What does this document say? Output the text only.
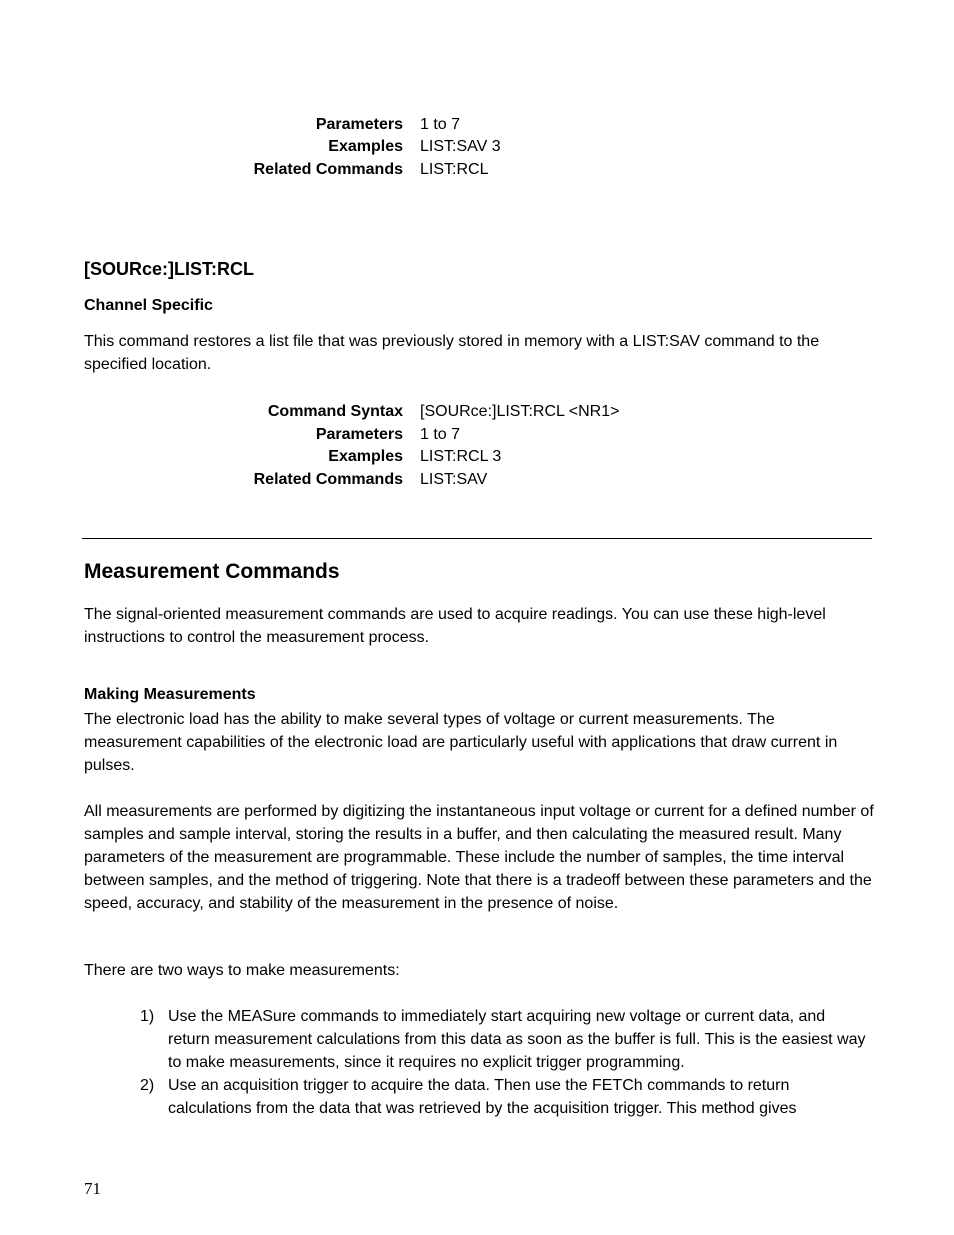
Parameters 1 to 7
Examples LIST:SAV 3
Related Commands LIST:RCL
[SOURce:]LIST:RCL
Channel Specific
This command restores a list file that was previously stored in memory with a LIST:SAV command to the specified location.
Command Syntax [SOURce:]LIST:RCL <NR1>
Parameters 1 to 7
Examples LIST:RCL 3
Related Commands LIST:SAV
Measurement Commands
The signal-oriented measurement commands are used to acquire readings. You can use these high-level instructions to control the measurement process.
Making Measurements
The electronic load has the ability to make several types of voltage or current measurements. The measurement capabilities of the electronic load are particularly useful with applications that draw current in pulses.
All measurements are performed by digitizing the instantaneous input voltage or current for a defined number of samples and sample interval, storing the results in a buffer, and then calculating the measured result. Many parameters of the measurement are programmable. These include the number of samples, the time interval between samples, and the method of triggering. Note that there is a tradeoff between these parameters and the speed, accuracy, and stability of the measurement in the presence of noise.
There are two ways to make measurements:
1) Use the MEASure commands to immediately start acquiring new voltage or current data, and return measurement calculations from this data as soon as the buffer is full. This is the easiest way to make measurements, since it requires no explicit trigger programming.
2) Use an acquisition trigger to acquire the data. Then use the FETCh commands to return calculations from the data that was retrieved by the acquisition trigger. This method gives
71
